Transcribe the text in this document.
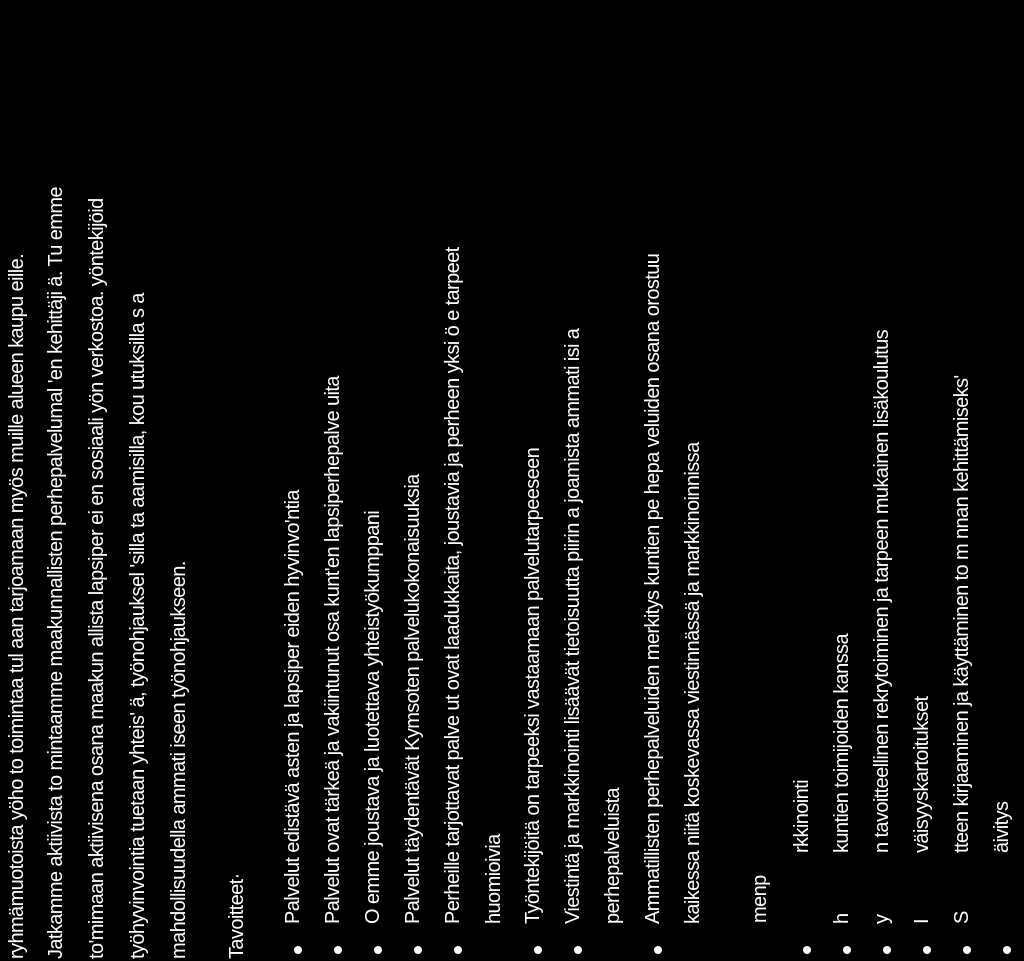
ryhmämuotoista yöho to toimintaa tul aan tarjoamaan myös muille alueen kaupu eille. Jatkamme aktiivista to mintaamme maakunnallisten perhepalvelumal 'en kehittäji ä. Tu emme to'mimaan aktiivisena osana maakun allista lapsiper ei en sosiaali yön verkostoa. yöntekijöid työhyvinvointia tuetaan yhteis' ä, työnohjauksel 'silla ta aamisilla, kou utuksilla s a mahdollisuudella ammati iseen työnohjaukseen. Tavoitteet· Palvelut edistävä asten ja lapsiper eiden hyvinvo'ntia Palvelut ovat tärkeä ja vakiintunut osa kunt'en lapsiperhepalve uita O emme joustava ja luotettava yhteistyökumppani Palvelut täydentävät Kymsoten palvelukokonaisuuksia Perheille tarjottavat palve ut ovat laadukkaita, joustavia ja perheen yksi ö e tarpeet huomioivia Työntekijöitä on tarpeeksi vastaamaan palvelutarpeeseen Viestintä ja markkinointi lisäävät tietoisuutta piirin a joamista ammati isi a perhepalveluista Ammatillisten perhepalveluiden merkitys kuntien pe hepa veluiden osana orostuu kaikessa niitä koskevassa viestinnässä ja markkinoinnissa menp
rkkinointi
h
kuntien toimijoiden kanssa
y
n tavoitteellinen rekrytoiminen ja tarpeen mukainen lisäkoulutus
I
väisyyskartoitukset
S
tteen kirjaaminen ja käyttäminen to m nnan kehittämiseks' äivitys
